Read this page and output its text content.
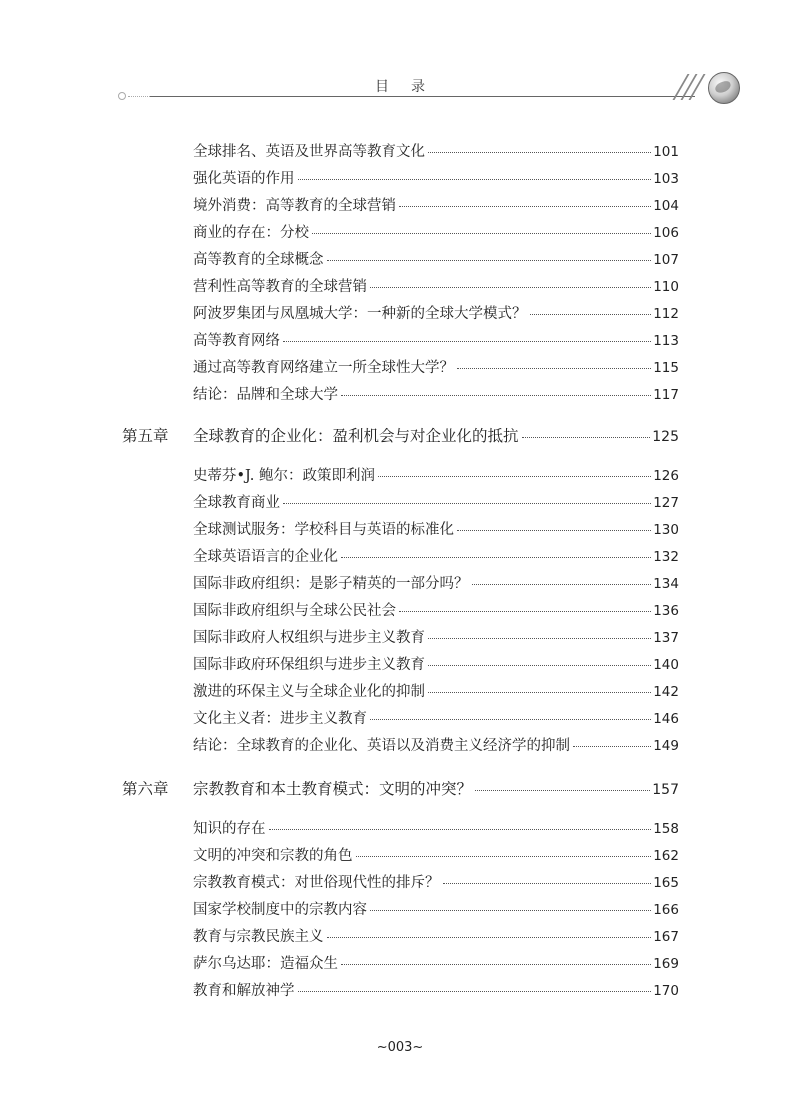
目录
全球排名、英语及世界高等教育文化	101
强化英语的作用	103
境外消费：高等教育的全球营销	104
商业的存在：分校	106
高等教育的全球概念	107
营利性高等教育的全球营销	110
阿波罗集团与凤凰城大学：一种新的全球大学模式？	112
高等教育网络	113
通过高等教育网络建立一所全球性大学？	115
结论：品牌和全球大学	117
第五章	全球教育的企业化：盈利机会与对企业化的抵抗	125
史蒂芬•J. 鲍尔：政策即利润	126
全球教育商业	127
全球测试服务：学校科目与英语的标准化	130
全球英语语言的企业化	132
国际非政府组织：是影子精英的一部分吗？	134
国际非政府组织与全球公民社会	136
国际非政府人权组织与进步主义教育	137
国际非政府环保组织与进步主义教育	140
激进的环保主义与全球企业化的抑制	142
文化主义者：进步主义教育	146
结论：全球教育的企业化、英语以及消费主义经济学的抑制	149
第六章	宗教教育和本土教育模式：文明的冲突？	157
知识的存在	158
文明的冲突和宗教的角色	162
宗教教育模式：对世俗现代性的排斥？	165
国家学校制度中的宗教内容	166
教育与宗教民族主义	167
萨尔乌达耶：造福众生	169
教育和解放神学	170
~003~
